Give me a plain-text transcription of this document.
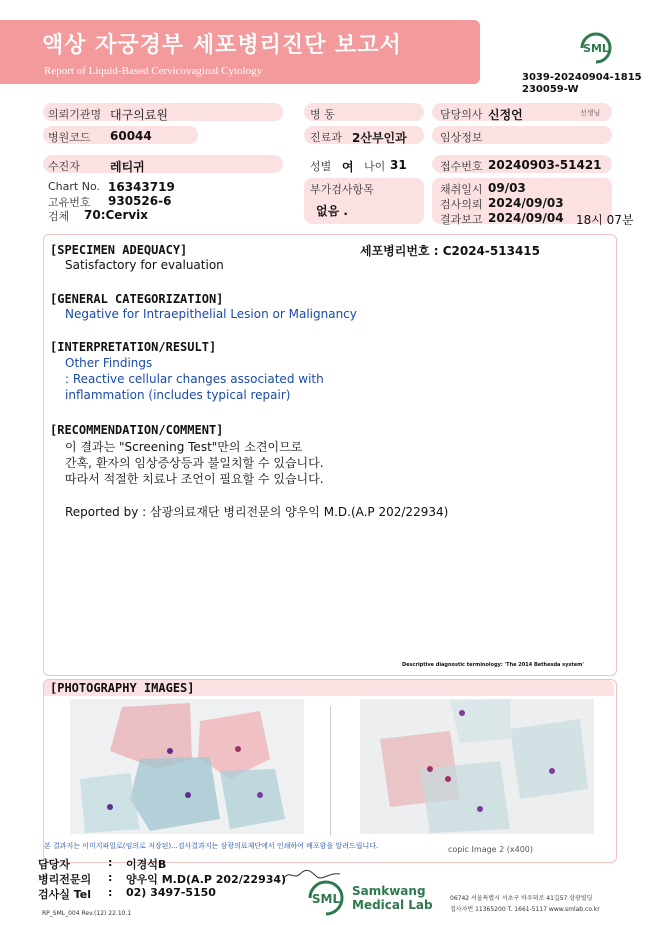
액상 자궁경부 세포병리진단 보고서
Report of Liquid-Based Cervicovaginal Cytology
SML
3039-20240904-1815
230059-W
의뢰기관명 대구의료원	병 동	담당의사 신정언	선생님
병원코드 60044	진료과 2산부인과	임상정보
수진자	레티귀	성별 여 나이 31	접수번호 20240903-51421
Chart No. 16343719
고유번호 930526-6
검체 70:Cervix
부가검사항목
없음 .
채취일시 09/03
검사의뢰 2024/09/03
결과보고 2024/09/04 18시 07분
[SPECIMEN ADEQUACY]	세포병리번호 : C2024-513415
Satisfactory for evaluation
[GENERAL CATEGORIZATION]
Negative for Intraepithelial Lesion or Malignancy
[INTERPRETATION/RESULT]
Other Findings
: Reactive cellular changes associated with
inflammation (includes typical repair)
[RECOMMENDATION/COMMENT]
이 결과는 "Screening Test"만의 소견이므로
간혹, 환자의 임상증상등과 불일치할 수 있습니다.
따라서 적절한 치료나 조언이 필요할 수 있습니다.
Reported by : 삼광의료재단 병리전문의 양우익 M.D.(A.P 202/22934)
Descriptive diagnostic terminology: 'The 2014 Bethesda system'
[PHOTOGRAPHY IMAGES]
copic Image 2 (x400)
본 결과지는 이미지파일로(임의로 저장된)...검사결과지는 삼광의료재단에서 인쇄하여 배포함을 알려드립니다.
담당자	: 이경석B
병리전문의 : 양우익 M.D(A.P 202/22934)
검사실 Tel : 02) 3497-5150	SML
Samkwang
Medical Lab	06742 서울특별시 서초구 바우뫼로 41길57 삼광빌딩
접사자번 11365200 T. 1661-5117 www.smlab.co.kr
RP_SML_004 Rev.(12) 22.10.1
